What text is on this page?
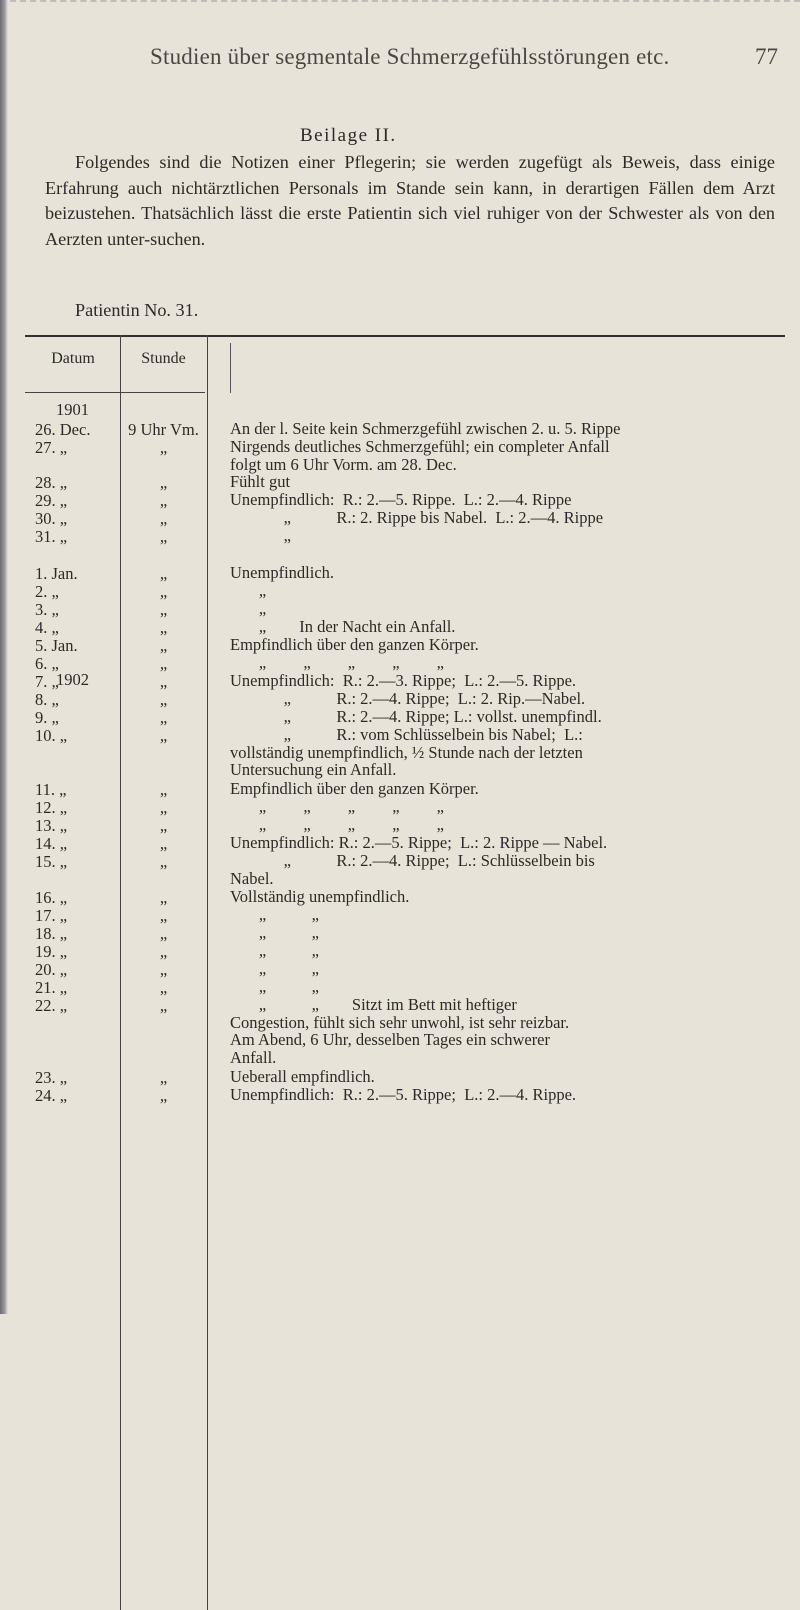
Studien über segmentale Schmerzgefühlsstörungen etc.	77
Beilage II.

Folgendes sind die Notizen einer Pflegerin; sie werden zugefügt als Beweis, dass einige Erfahrung auch nichtärztlichen Personals im Stande sein kann, in derartigen Fällen dem Arzt beizustehen. Thatsächlich lässt die erste Patientin sich viel ruhiger von der Schwester als von den Aerzten unter-suchen.

Patientin No. 31.
Datum	Stunde
1901
1902
26. Dec.	9 Uhr Vm.	An der l. Seite kein Schmerzgefühl zwischen 2. u. 5. Rippe
27. „	„	Nirgends deutliches Schmerzgefühl; ein completer Anfall
folgt um 6 Uhr Vorm. am 28. Dec.
28. „	„	Fühlt gut
29. „	„	Unempfindlich:  R.: 2.—5. Rippe.  L.: 2.—4. Rippe
30. „	„	„           R.: 2. Rippe bis Nabel.  L.: 2.—4. Rippe
31. „	„	„
1. Jan.	„	Unempfindlich.
2. „	„	„
3. „	„	„
4. „	„	„        In der Nacht ein Anfall.
5. Jan.	„	Empfindlich über den ganzen Körper.
6. „	„	„         „         „         „         „
7. „	„	Unempfindlich:  R.: 2.—3. Rippe;  L.: 2.—5. Rippe.
8. „	„	„           R.: 2.—4. Rippe;  L.: 2. Rip.—Nabel.
9. „	„	„           R.: 2.—4. Rippe; L.: vollst. unempfindl.
10. „	„	„           R.: vom Schlüsselbein bis Nabel;  L.:
vollständig unempfindlich, ½ Stunde nach der letzten
Untersuchung ein Anfall.
11. „	„	Empfindlich über den ganzen Körper.
12. „	„	„         „         „         „         „
13. „	„	„         „         „         „         „
14. „	„	Unempfindlich: R.: 2.—5. Rippe;  L.: 2. Rippe — Nabel.
15. „	„	„           R.: 2.—4. Rippe;  L.: Schlüsselbein bis
Nabel.
16. „	„	Vollständig unempfindlich.
17. „	„	„           „
18. „	„	„           „
19. „	„	„           „
20. „	„	„           „
21. „	„	„           „
22. „	„	„           „        Sitzt im Bett mit heftiger
Congestion, fühlt sich sehr unwohl, ist sehr reizbar.
Am Abend, 6 Uhr, desselben Tages ein schwerer
Anfall.
23. „	„	Ueberall empfindlich.
24. „	„	Unempfindlich:  R.: 2.—5. Rippe;  L.: 2.—4. Rippe.
